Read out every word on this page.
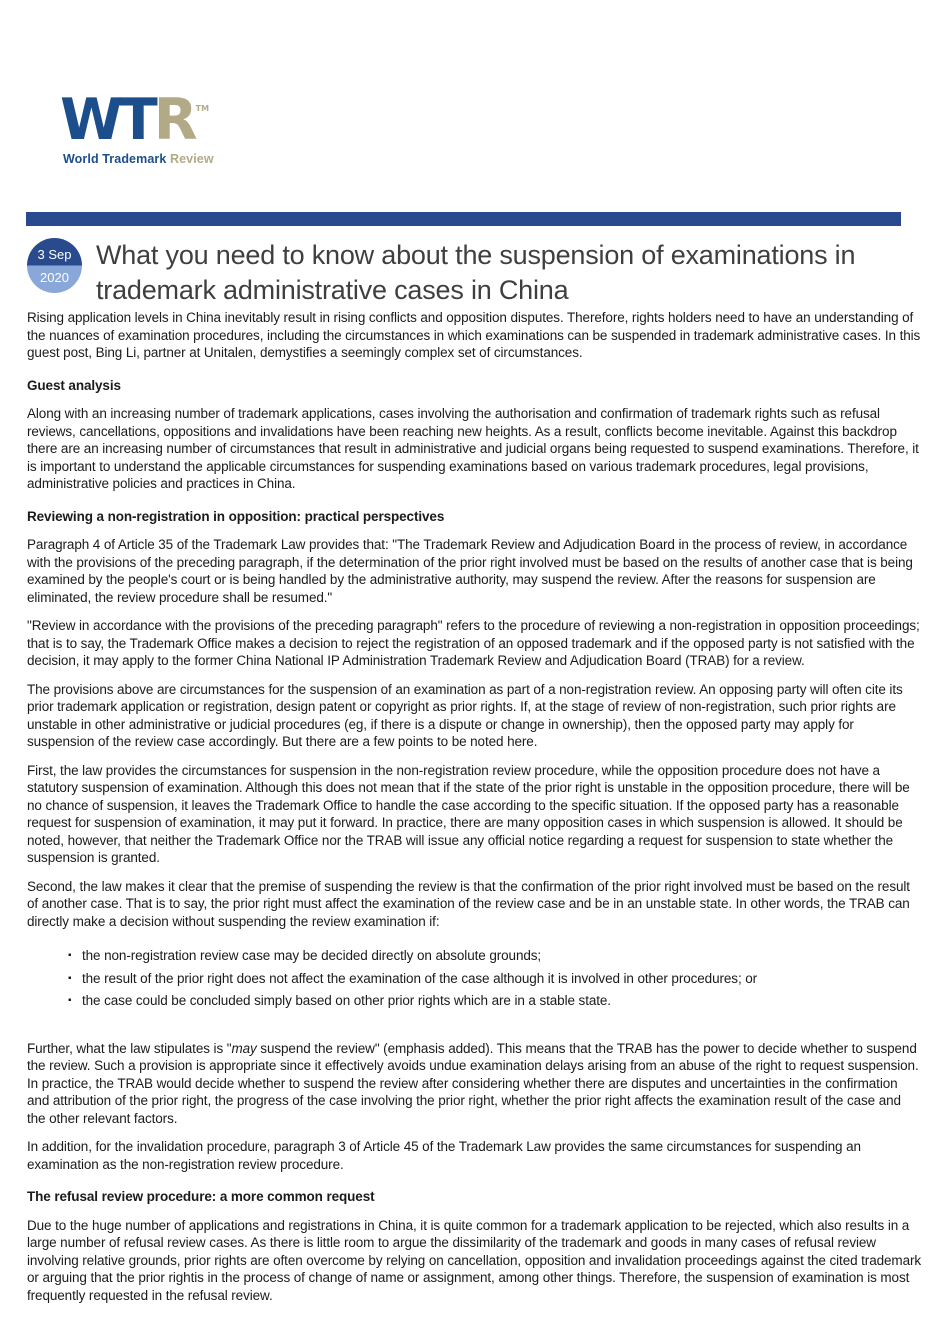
WTR ™
World Trademark Review
3 Sep
2020
What you need to know about the suspension of examinations in trademark administrative cases in China

Rising application levels in China inevitably result in rising conflicts and opposition disputes. Therefore, rights holders need to have an understanding of the nuances of examination procedures, including the circumstances in which examinations can be suspended in trademark administrative cases. In this guest post, Bing Li, partner at Unitalen, demystifies a seemingly complex set of circumstances.

Guest analysis

Along with an increasing number of trademark applications, cases involving the authorisation and confirmation of trademark rights such as refusal reviews, cancellations, oppositions and invalidations have been reaching new heights. As a result, conflicts become inevitable. Against this backdrop there are an increasing number of circumstances that result in administrative and judicial organs being requested to suspend examinations. Therefore, it is important to understand the applicable circumstances for suspending examinations based on various trademark procedures, legal provisions, administrative policies and practices in China.

Reviewing a non-registration in opposition: practical perspectives

Paragraph 4 of Article 35 of the Trademark Law provides that: "The Trademark Review and Adjudication Board in the process of review, in accordance with the provisions of the preceding paragraph, if the determination of the prior right involved must be based on the results of another case that is being examined by the people's court or is being handled by the administrative authority, may suspend the review. After the reasons for suspension are eliminated, the review procedure shall be resumed."

"Review in accordance with the provisions of the preceding paragraph" refers to the procedure of reviewing a non-registration in opposition proceedings; that is to say, the Trademark Office makes a decision to reject the registration of an opposed trademark and if the opposed party is not satisfied with the decision, it may apply to the former China National IP Administration Trademark Review and Adjudication Board (TRAB) for a review.

The provisions above are circumstances for the suspension of an examination as part of a non-registration review. An opposing party will often cite its prior trademark application or registration, design patent or copyright as prior rights. If, at the stage of review of non-registration, such prior rights are unstable in other administrative or judicial procedures (eg, if there is a dispute or change in ownership), then the opposed party may apply for suspension of the review case accordingly. But there are a few points to be noted here.

First, the law provides the circumstances for suspension in the non-registration review procedure, while the opposition procedure does not have a statutory suspension of examination. Although this does not mean that if the state of the prior right is unstable in the opposition procedure, there will be no chance of suspension, it leaves the Trademark Office to handle the case according to the specific situation. If the opposed party has a reasonable request for suspension of examination, it may put it forward. In practice, there are many opposition cases in which suspension is allowed. It should be noted, however, that neither the Trademark Office nor the TRAB will issue any official notice regarding a request for suspension to state whether the suspension is granted.

Second, the law makes it clear that the premise of suspending the review is that the confirmation of the prior right involved must be based on the result of another case. That is to say, the prior right must affect the examination of the review case and be in an unstable state. In other words, the TRAB can directly make a decision without suspending the review examination if:

▪ the non-registration review case may be decided directly on absolute grounds;
▪ the result of the prior right does not affect the examination of the case although it is involved in other procedures; or
▪ the case could be concluded simply based on other prior rights which are in a stable state.

Further, what the law stipulates is "may suspend the review" (emphasis added). This means that the TRAB has the power to decide whether to suspend the review. Such a provision is appropriate since it effectively avoids undue examination delays arising from an abuse of the right to request suspension. In practice, the TRAB would decide whether to suspend the review after considering whether there are disputes and uncertainties in the confirmation and attribution of the prior right, the progress of the case involving the prior right, whether the prior right affects the examination result of the case and the other relevant factors.

In addition, for the invalidation procedure, paragraph 3 of Article 45 of the Trademark Law provides the same circumstances for suspending an examination as the non-registration review procedure.

The refusal review procedure: a more common request

Due to the huge number of applications and registrations in China, it is quite common for a trademark application to be rejected, which also results in a large number of refusal review cases. As there is little room to argue the dissimilarity of the trademark and goods in many cases of refusal review involving relative grounds, prior rights are often overcome by relying on cancellation, opposition and invalidation proceedings against the cited trademark or arguing that the prior rightis in the process of change of name or assignment, among other things. Therefore, the suspension of examination is most frequently requested in the refusal review.
